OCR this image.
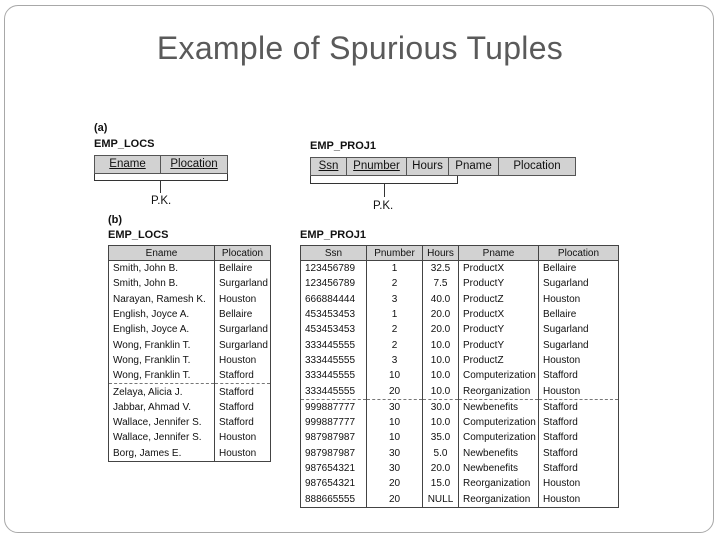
Example of Spurious Tuples
(a)
EMP_LOCS
Ename	Plocation
P.K.
EMP_PROJ1
Ssn	Pnumber	Hours	Pname	Plocation
P.K.
(b)
EMP_LOCS	EMP_PROJ1
Ename	Plocation
Smith, John B.	Bellaire
Smith, John B.	Surgarland
Narayan, Ramesh K.	Houston
English, Joyce A.	Bellaire
English, Joyce A.	Surgarland
Wong, Franklin T.	Surgarland
Wong, Franklin T.	Houston
Wong, Franklin T.	Stafford
Zelaya, Alicia J.	Stafford
Jabbar, Ahmad V.	Stafford
Wallace, Jennifer S.	Stafford
Wallace, Jennifer S.	Houston
Borg, James E.	Houston
Ssn	Pnumber	Hours	Pname	Plocation
123456789	1	32.5	ProductX	Bellaire
123456789	2	7.5	ProductY	Sugarland
666884444	3	40.0	ProductZ	Houston
453453453	1	20.0	ProductX	Bellaire
453453453	2	20.0	ProductY	Sugarland
333445555	2	10.0	ProductY	Sugarland
333445555	3	10.0	ProductZ	Houston
333445555	10	10.0	Computerization	Stafford
333445555	20	10.0	Reorganization	Houston
999887777	30	30.0	Newbenefits	Stafford
999887777	10	10.0	Computerization	Stafford
987987987	10	35.0	Computerization	Stafford
987987987	30	5.0	Newbenefits	Stafford
987654321	30	20.0	Newbenefits	Stafford
987654321	20	15.0	Reorganization	Houston
888665555	20	NULL	Reorganization	Houston
